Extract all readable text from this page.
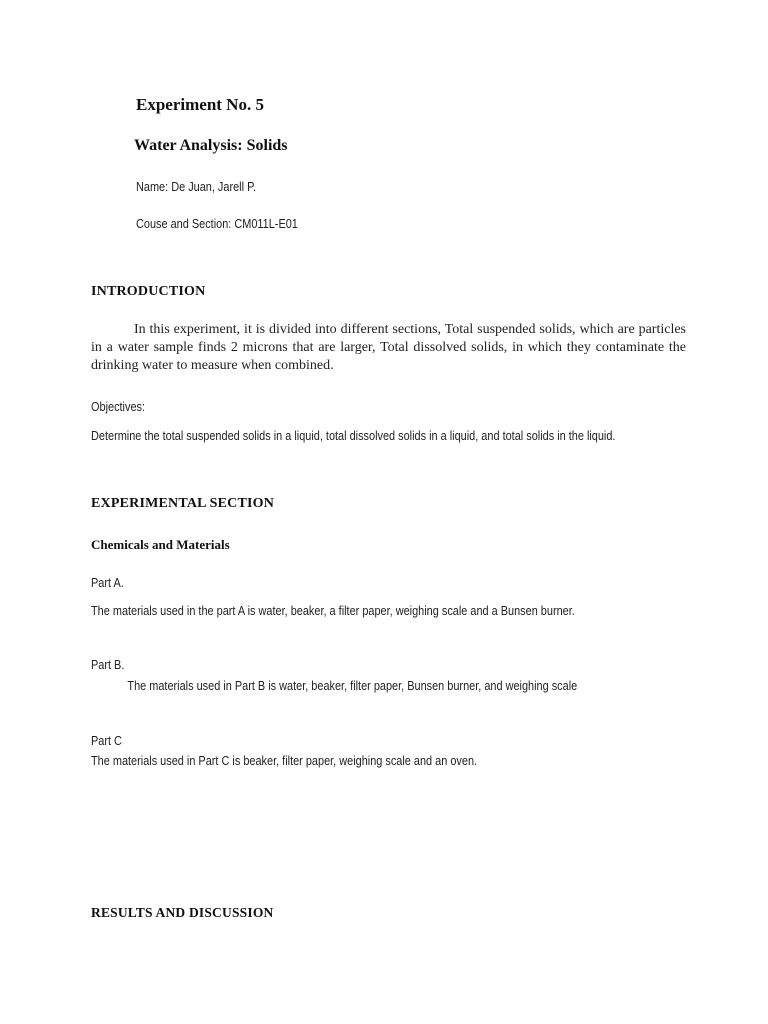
Experiment No. 5

Water Analysis: Solids

Name: De Juan, Jarell P.

Couse and Section: CM011L-E01

INTRODUCTION

In this experiment, it is divided into different sections, Total suspended solids, which are particles in a water sample finds 2 microns that are larger, Total dissolved solids, in which they contaminate the drinking water to measure when combined.

Objectives:

Determine the total suspended solids in a liquid, total dissolved solids in a liquid, and total solids in the liquid.

EXPERIMENTAL SECTION

Chemicals and Materials

Part A.

The materials used in the part A is water, beaker, a filter paper, weighing scale and a Bunsen burner.

Part B.

The materials used in Part B is water, beaker, filter paper, Bunsen burner, and weighing scale

Part C

The materials used in Part C is beaker, filter paper, weighing scale and an oven.

RESULTS AND DISCUSSION
